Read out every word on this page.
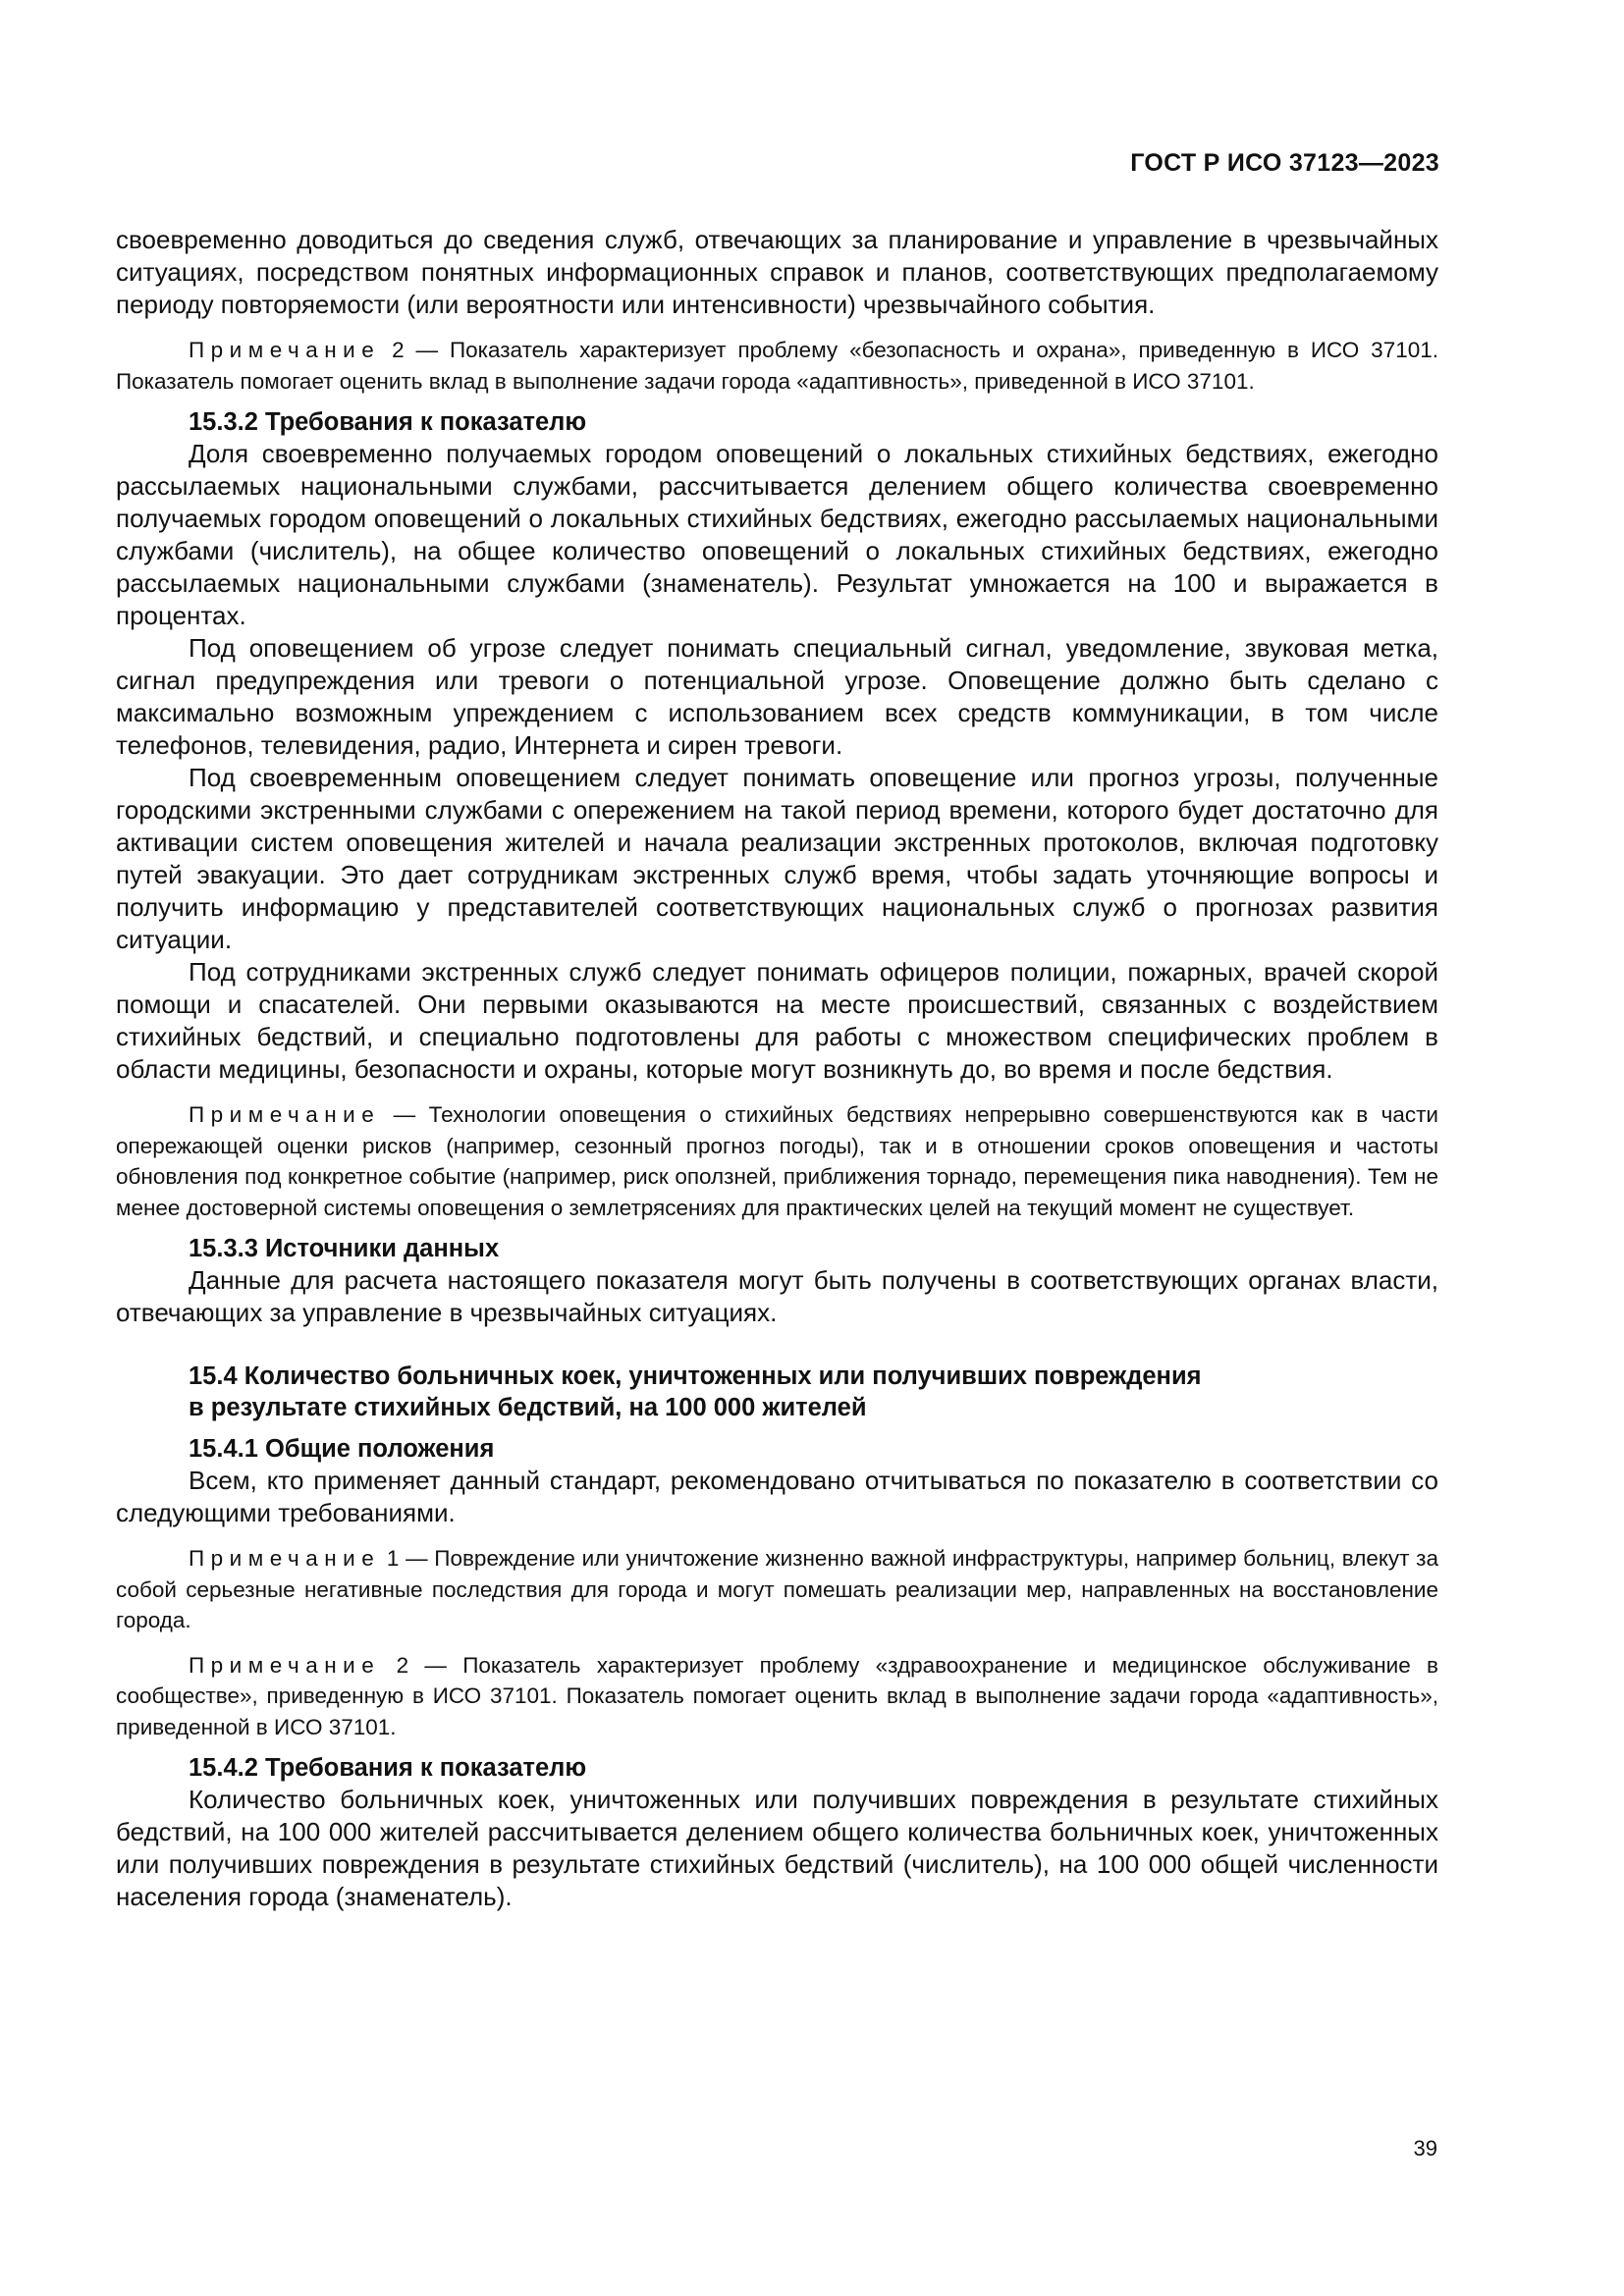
ГОСТ Р ИСО 37123—2023

своевременно доводиться до сведения служб, отвечающих за планирование и управление в чрезвычайных ситуациях, посредством понятных информационных справок и планов, соответствующих предполагаемому периоду повторяемости (или вероятности или интенсивности) чрезвычайного события.

Примечание 2 — Показатель характеризует проблему «безопасность и охрана», приведенную в ИСО 37101. Показатель помогает оценить вклад в выполнение задачи города «адаптивность», приведенной в ИСО 37101.

15.3.2 Требования к показателю

Доля своевременно получаемых городом оповещений о локальных стихийных бедствиях, ежегодно рассылаемых национальными службами, рассчитывается делением общего количества своевременно получаемых городом оповещений о локальных стихийных бедствиях, ежегодно рассылаемых национальными службами (числитель), на общее количество оповещений о локальных стихийных бедствиях, ежегодно рассылаемых национальными службами (знаменатель). Результат умножается на 100 и выражается в процентах.

Под оповещением об угрозе следует понимать специальный сигнал, уведомление, звуковая метка, сигнал предупреждения или тревоги о потенциальной угрозе. Оповещение должно быть сделано с максимально возможным упреждением с использованием всех средств коммуникации, в том числе телефонов, телевидения, радио, Интернета и сирен тревоги.

Под своевременным оповещением следует понимать оповещение или прогноз угрозы, полученные городскими экстренными службами с опережением на такой период времени, которого будет достаточно для активации систем оповещения жителей и начала реализации экстренных протоколов, включая подготовку путей эвакуации. Это дает сотрудникам экстренных служб время, чтобы задать уточняющие вопросы и получить информацию у представителей соответствующих национальных служб о прогнозах развития ситуации.

Под сотрудниками экстренных служб следует понимать офицеров полиции, пожарных, врачей скорой помощи и спасателей. Они первыми оказываются на месте происшествий, связанных с воздействием стихийных бедствий, и специально подготовлены для работы с множеством специфических проблем в области медицины, безопасности и охраны, которые могут возникнуть до, во время и после бедствия.

Примечание — Технологии оповещения о стихийных бедствиях непрерывно совершенствуются как в части опережающей оценки рисков (например, сезонный прогноз погоды), так и в отношении сроков оповещения и частоты обновления под конкретное событие (например, риск оползней, приближения торнадо, перемещения пика наводнения). Тем не менее достоверной системы оповещения о землетрясениях для практических целей на текущий момент не существует.

15.3.3 Источники данных

Данные для расчета настоящего показателя могут быть получены в соответствующих органах власти, отвечающих за управление в чрезвычайных ситуациях.

15.4 Количество больничных коек, уничтоженных или получивших повреждения
в результате стихийных бедствий, на 100 000 жителей
15.4.1 Общие положения

Всем, кто применяет данный стандарт, рекомендовано отчитываться по показателю в соответствии со следующими требованиями.

Примечание 1 — Повреждение или уничтожение жизненно важной инфраструктуры, например больниц, влекут за собой серьезные негативные последствия для города и могут помешать реализации мер, направленных на восстановление города.

Примечание 2 — Показатель характеризует проблему «здравоохранение и медицинское обслуживание в сообществе», приведенную в ИСО 37101. Показатель помогает оценить вклад в выполнение задачи города «адаптивность», приведенной в ИСО 37101.

15.4.2 Требования к показателю

Количество больничных коек, уничтоженных или получивших повреждения в результате стихийных бедствий, на 100 000 жителей рассчитывается делением общего количества больничных коек, уничтоженных или получивших повреждения в результате стихийных бедствий (числитель), на 100 000 общей численности населения города (знаменатель).

39
